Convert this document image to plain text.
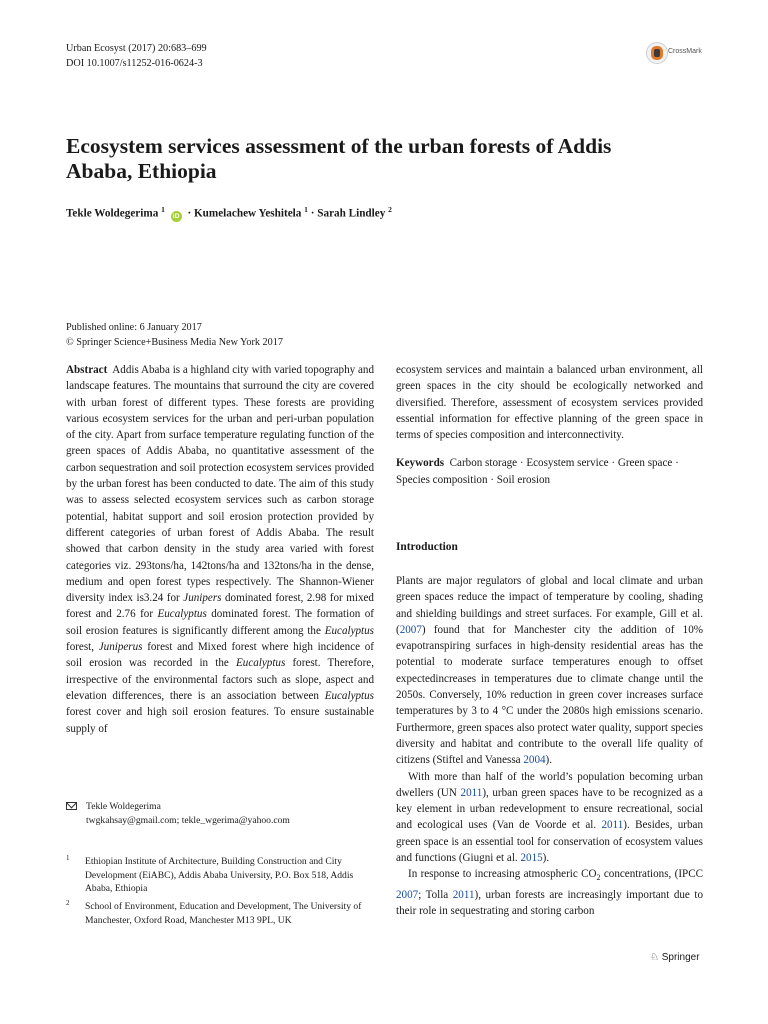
Urban Ecosyst (2017) 20:683–699
DOI 10.1007/s11252-016-0624-3
CrossMark
Ecosystem services assessment of the urban forests of Addis Ababa, Ethiopia
Tekle Woldegerima $^1$ iD · Kumelachew Yeshitela $^1$ · Sarah Lindley $^2$
Published online: 6 January 2017
© Springer Science+Business Media New York 2017

Abstract Addis Ababa is a highland city with varied topography and landscape features. The mountains that surround the city are covered with urban forest of different types. These forests are providing various ecosystem services for the urban and peri-urban population of the city. Apart from surface temperature regulating function of the green spaces of Addis Ababa, no quantitative assessment of the carbon sequestration and soil protection ecosystem services provided by the urban forest has been conducted to date. The aim of this study was to assess selected ecosystem services such as carbon storage potential, habitat support and soil erosion protection provided by different categories of urban forest of Addis Ababa. The result showed that carbon density in the study area varied with forest categories viz. 293tons/ha, 142tons/ha and 132tons/ha in the dense, medium and open forest types respectively. The Shannon-Wiener diversity index is3.24 for Junipers dominated forest, 2.98 for mixed forest and 2.76 for Eucalyptus dominated forest. The formation of soil erosion features is significantly different among the Eucalyptus forest, Juniperus forest and Mixed forest where high incidence of soil erosion was recorded in the Eucalyptus forest. Therefore, irrespective of the environmental factors such as slope, aspect and elevation differences, there is an association between Eucalyptus forest cover and high soil erosion features. To ensure sustainable supply of

ecosystem services and maintain a balanced urban environment, all green spaces in the city should be ecologically networked and diversified. Therefore, assessment of ecosystem services provided essential information for effective planning of the green space in terms of species composition and interconnectivity.

Keywords Carbon storage · Ecosystem service · Green space · Species composition · Soil erosion

Introduction

Plants are major regulators of global and local climate and urban green spaces reduce the impact of temperature by cooling, shading and shielding buildings and street surfaces. For example, Gill et al. (2007) found that for Manchester city the addition of 10% evapotranspiring surfaces in high-density residential areas has the potential to moderate surface temperatures enough to offset expectedincreases in temperatures due to climate change until the 2050s. Conversely, 10% reduction in green cover increases surface temperatures by 3 to 4 °C under the 2080s high emissions scenario. Furthermore, green spaces also protect water quality, support species diversity and habitat and contribute to the overall life quality of citizens (Stiftel and Vanessa 2004).

With more than half of the world’s population becoming urban dwellers (UN 2011), urban green spaces have to be recognized as a key element in urban redevelopment to ensure recreational, social and ecological uses (Van de Voorde et al. 2011). Besides, urban green space is an essential tool for conservation of ecosystem values and functions (Giugni et al. 2015).

In response to increasing atmospheric $CO_2$ concentrations, (IPCC 2007; Tolla 2011), urban forests are increasingly important due to their role in sequestrating and storing carbon

Tekle Woldegerima
twgkahsay@gmail.com; tekle_wgerima@yahoo.com
1 Ethiopian Institute of Architecture, Building Construction and City Development (EiABC), Addis Ababa University, P.O. Box 518, Addis Ababa, Ethiopia
2 School of Environment, Education and Development, The University of Manchester, Oxford Road, Manchester M13 9PL, UK
♘ Springer
